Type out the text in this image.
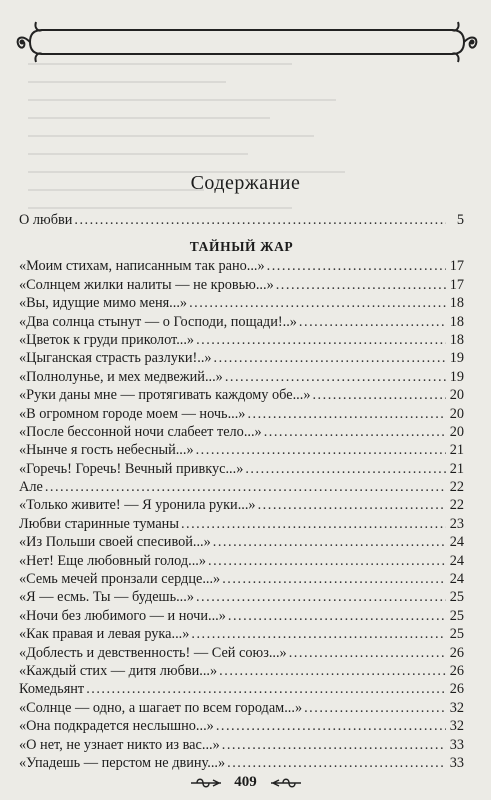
Содержание
О любви .....	5
ТАЙНЫЙ ЖАР
«Моим стихам, написанным так рано...» .....	17
«Солнцем жилки налиты — не кровью...» .....	17
«Вы, идущие мимо меня...» .....	18
«Два солнца стынут — о Господи, пощади!..» .....	18
«Цветок к груди приколот...» .....	18
«Цыганская страсть разлуки!..» .....	19
«Полнолунье, и мех медвежий...» .....	19
«Руки даны мне — протягивать каждому обе...» .....	20
«В огромном городе моем — ночь...» .....	20
«После бессонной ночи слабеет тело...» .....	20
«Нынче я гость небесный...» .....	21
«Горечь! Горечь! Вечный привкус...» .....	21
Але .....	22
«Только живите! — Я уронила руки...» .....	22
Любви старинные туманы .....	23
«Из Польши своей спесивой...» .....	24
«Нет! Еще любовный голод...» .....	24
«Семь мечей пронзали сердце...» .....	24
«Я — есмь. Ты — будешь...» .....	25
«Ночи без любимого — и ночи...» .....	25
«Как правая и левая рука...» .....	25
«Доблесть и девственность! — Сей союз...» .....	26
«Каждый стих — дитя любви...» .....	26
Комедьянт .....	26
«Солнце — одно, а шагает по всем городам...» .....	32
«Она подкрадется неслышно...» .....	32
«О нет, не узнает никто из вас...» .....	33
«Упадешь — перстом не двину...» .....	33
409
